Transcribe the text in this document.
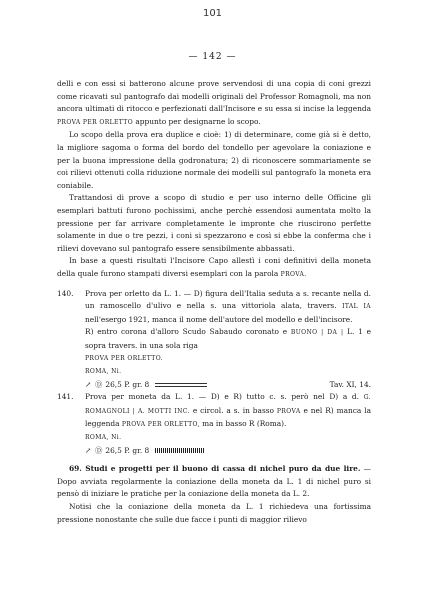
101
— 142 —

delli e con essi si batterono alcune prove servendosi di una copia di coni grezzi come ricavati sul pantografo dai modelli originali del Professor Romagnoli, ma non ancora ultimati di ritocco e perfezionati dall'Incisore e su essa si incise la leggenda PROVA PER ORLETTO appunto per designarne lo scopo.

Lo scopo della prova era duplice e cioè: 1) di determinare, come già si è detto, la migliore sagoma o forma del bordo del tondello per agevolare la coniazione e per la buona impressione della godronatura; 2) di riconoscere sommariamente se coi rilievi ottenuti colla riduzione normale dei modelli sul pantografo la moneta era coniabile.

Trattandosi di prove a scopo di studio e per uso interno delle Officine gli esemplari battuti furono pochissimi, anche perchè essendosi aumentata molto la pressione per far arrivare completamente le impronte che riuscirono perfette solamente in due o tre pezzi, i coni si spezzarono e così si ebbe la conferma che i rilievi dovevano sul pantografo essere sensibilmente abbassati.

In base a questi risultati l'Incisore Capo allestì i coni definitivi della moneta della quale furono stampati diversi esemplari con la parola PROVA.

140. Prova per orletto da L. 1. — D) figura dell'Italia seduta a s. recante nella d. un ramoscello d'ulivo e nella s. una vittoriola alata, travers. ITAL IA nell'esergo 1921, manca il nome dell'autore del modello e dell'incisore.

R) entro corona d'alloro Scudo Sabaudo coronato e BUONO | DA | L. 1 e sopra travers. in una sola riga

PROVA PER ORLETTO.

ROMA, Ni.

↗ Ⓓ 26,5 P. gr. 8	Tav. XI, 14.
141. Prova per moneta da L. 1. — D) e R) tutto c. s. però nel D) a d. G. ROMAGNOLI | A. MOTTI INC. e circol. a s. in basso PROVA e nel R) manca la leggenda PROVA PER ORLETTO, ma in basso R (Roma).

ROMA, Ni.

↗ Ⓓ 26,5 P. gr. 8

69. Studi e progetti per il buono di cassa di nichel puro da due lire. — Dopo avviata regolarmente la coniazione della moneta da L. 1 di nichel puro si pensò di iniziare le pratiche per la coniazione della moneta da L. 2.

Notisi che la coniazione della moneta da L. 1 richiedeva una fortissima pressione nonostante che sulle due facce i punti di maggior rilievo
